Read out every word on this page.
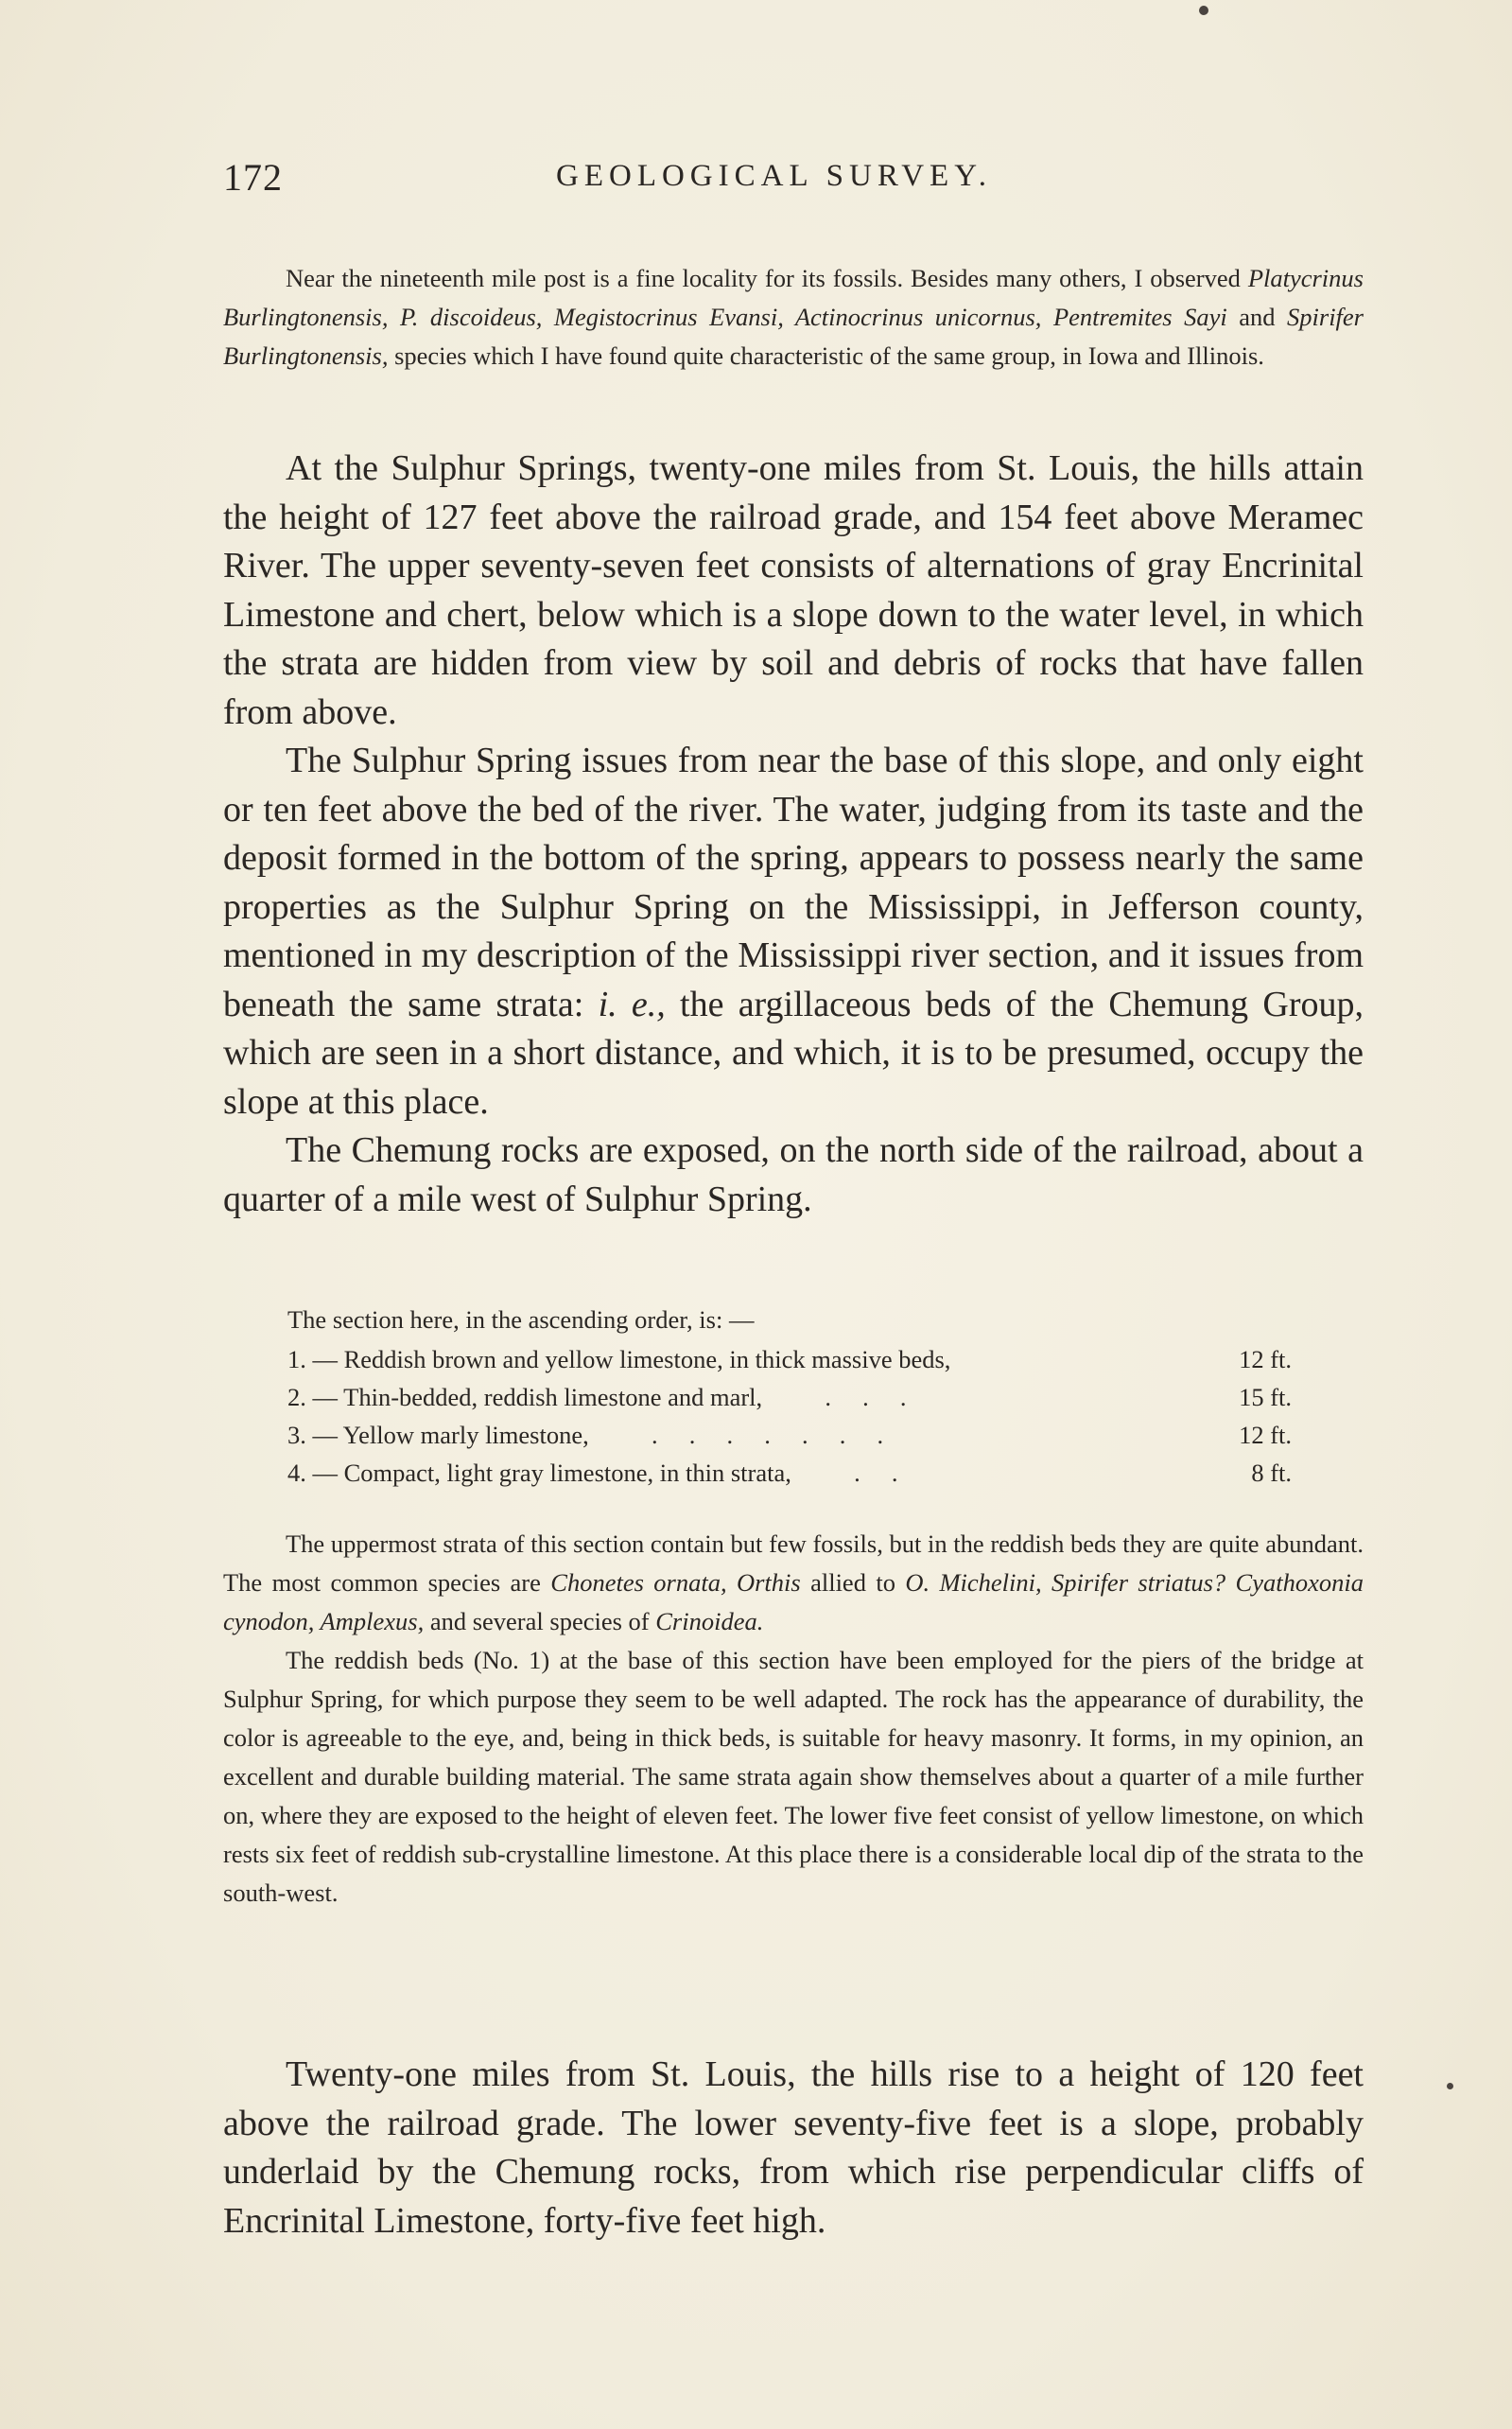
172	GEOLOGICAL SURVEY.

Near the nineteenth mile post is a fine locality for its fossils. Besides many others, I observed Platycrinus Burlingtonensis, P. discoideus, Megistocrinus Evansi, Actinocrinus unicornus, Pentremites Sayi and Spirifer Burlingtonensis, species which I have found quite characteristic of the same group, in Iowa and Illinois.

At the Sulphur Springs, twenty-one miles from St. Louis, the hills attain the height of 127 feet above the railroad grade, and 154 feet above Meramec River. The upper seventy-seven feet consists of alternations of gray Encrinital Limestone and chert, below which is a slope down to the water level, in which the strata are hidden from view by soil and debris of rocks that have fallen from above.

The Sulphur Spring issues from near the base of this slope, and only eight or ten feet above the bed of the river. The water, judging from its taste and the deposit formed in the bottom of the spring, appears to possess nearly the same properties as the Sulphur Spring on the Mississippi, in Jefferson county, mentioned in my description of the Mississippi river section, and it issues from beneath the same strata: i. e., the argillaceous beds of the Chemung Group, which are seen in a short distance, and which, it is to be presumed, occupy the slope at this place.

The Chemung rocks are exposed, on the north side of the railroad, about a quarter of a mile west of Sulphur Spring.

The section here, in the ascending order, is: —
1. — Reddish brown and yellow limestone, in thick massive beds,	12 ft.
2. — Thin-bedded, reddish limestone and marl,          .     .     .	15 ft.
3. — Yellow marly limestone,          .     .     .     .     .     .     .	12 ft.
4. — Compact, light gray limestone, in thin strata,          .     .	8 ft.

The uppermost strata of this section contain but few fossils, but in the reddish beds they are quite abundant. The most common species are Chonetes ornata, Orthis allied to O. Michelini, Spirifer striatus? Cyathoxonia cynodon, Amplexus, and several species of Crinoidea.

The reddish beds (No. 1) at the base of this section have been employed for the piers of the bridge at Sulphur Spring, for which purpose they seem to be well adapted. The rock has the appearance of durability, the color is agreeable to the eye, and, being in thick beds, is suitable for heavy masonry. It forms, in my opinion, an excellent and durable building material. The same strata again show themselves about a quarter of a mile further on, where they are exposed to the height of eleven feet. The lower five feet consist of yellow limestone, on which rests six feet of reddish sub-crystalline limestone. At this place there is a considerable local dip of the strata to the south-west.

Twenty-one miles from St. Louis, the hills rise to a height of 120 feet above the railroad grade. The lower seventy-five feet is a slope, probably underlaid by the Chemung rocks, from which rise perpendicular cliffs of Encrinital Limestone, forty-five feet high.
